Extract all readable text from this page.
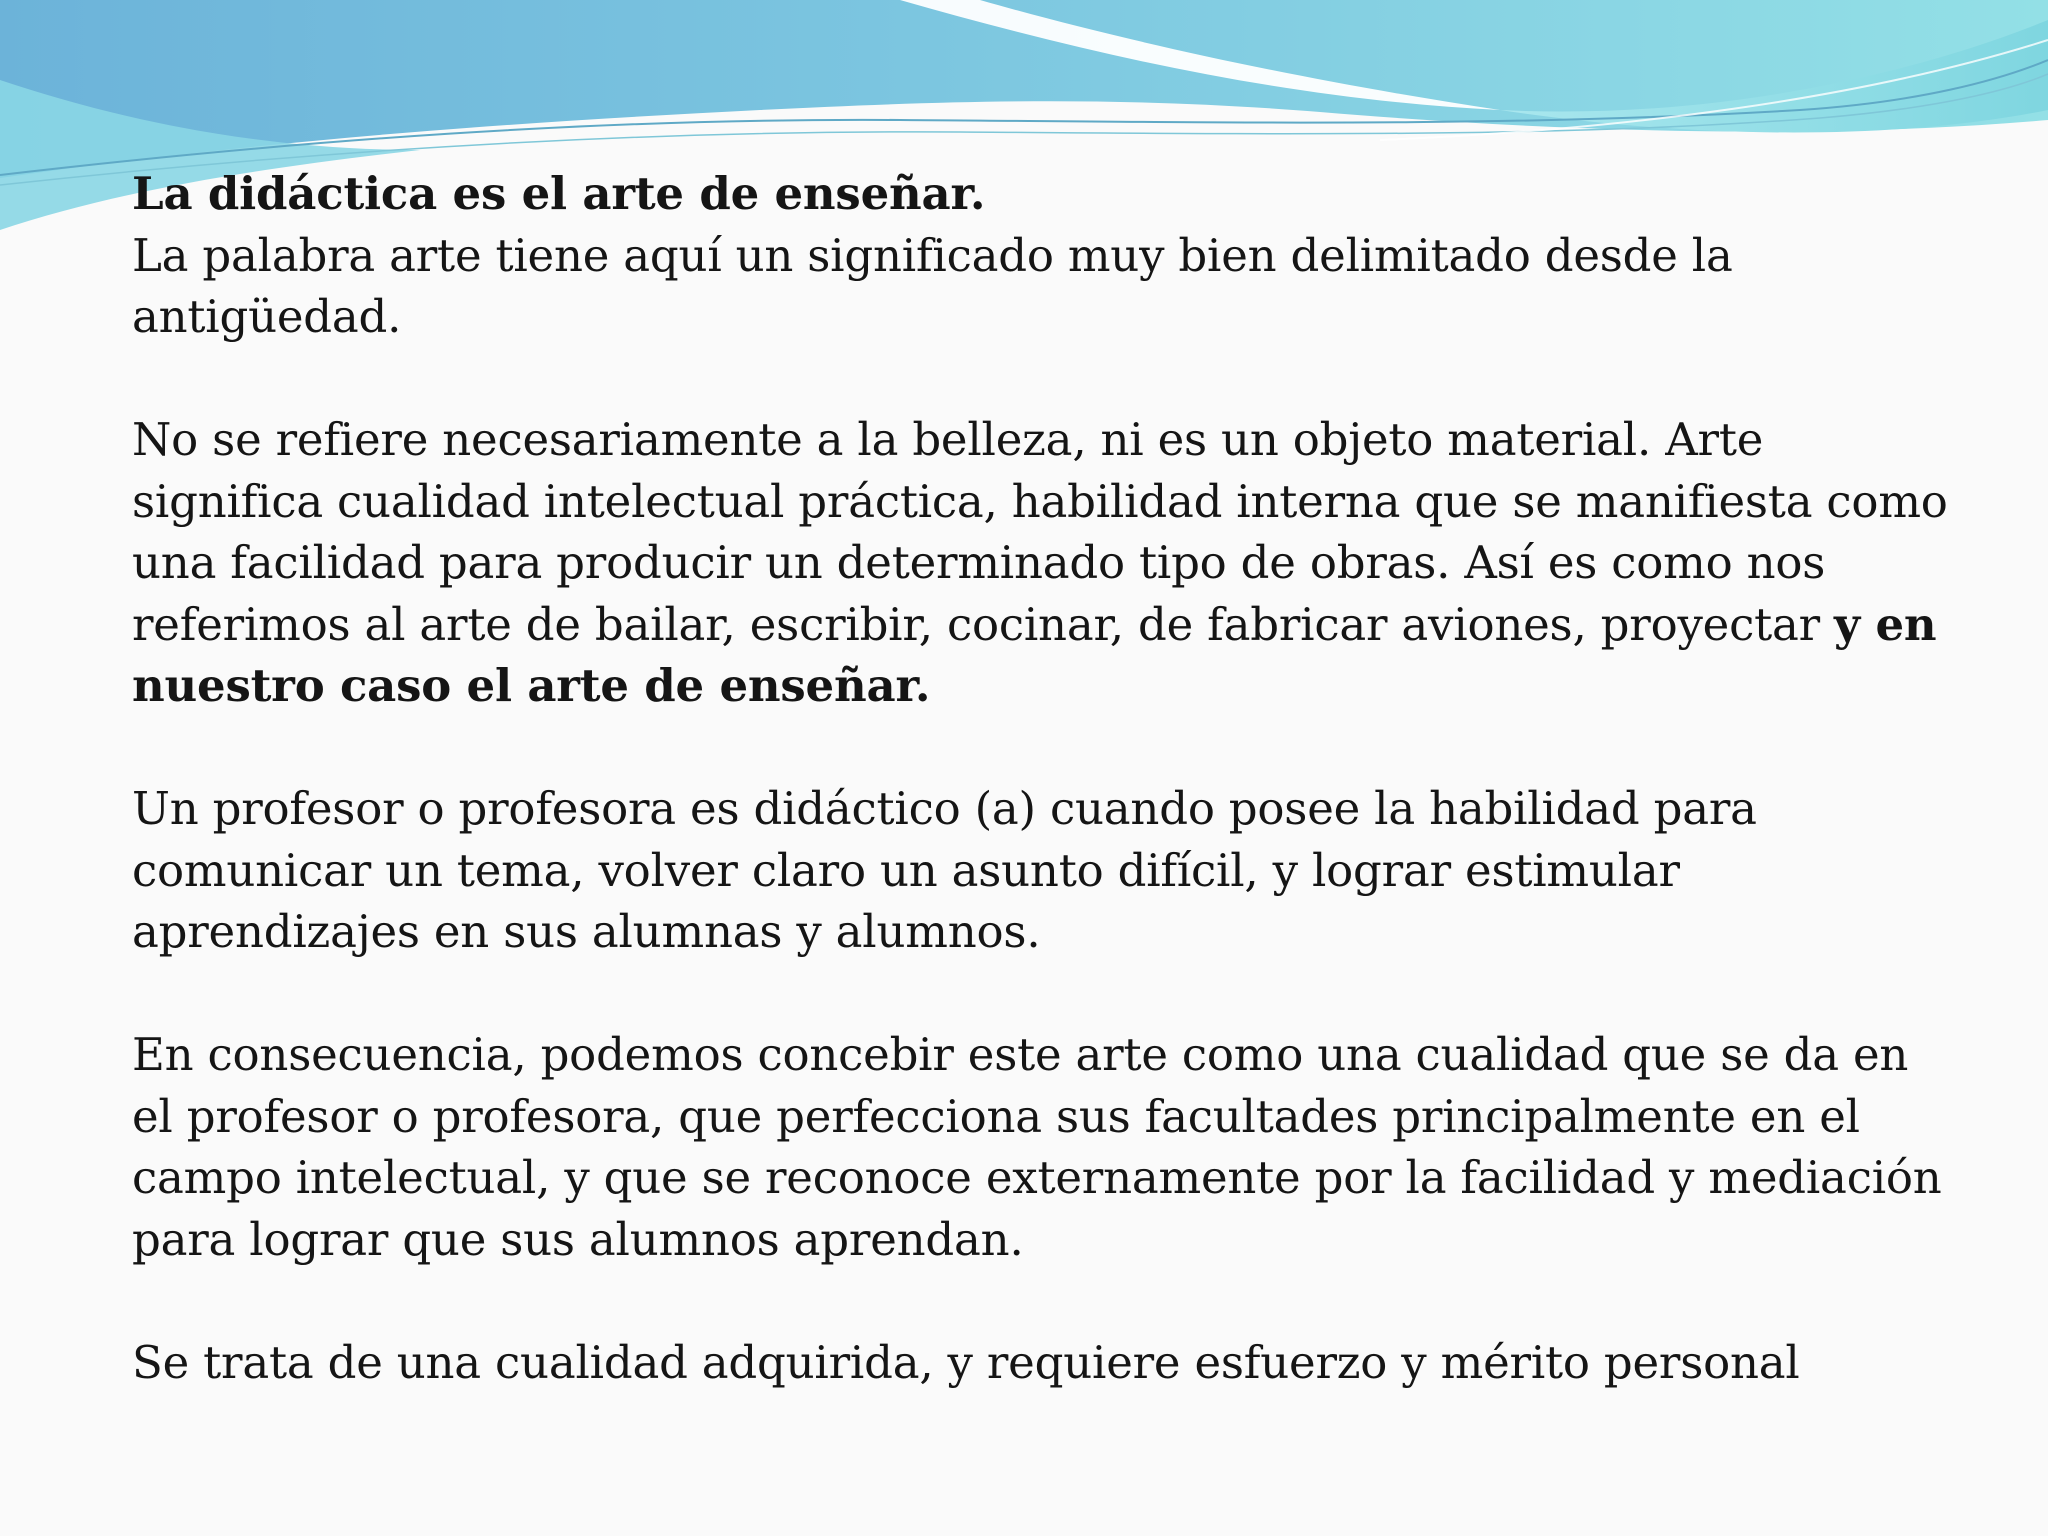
La didáctica es el arte de enseñar.

La palabra arte tiene aquí un significado muy bien delimitado desde la antigüedad.

No se refiere necesariamente a la belleza, ni es un objeto material. Arte significa cualidad intelectual práctica, habilidad interna que se manifiesta como una facilidad para producir un determinado tipo de obras. Así es como nos referimos al arte de bailar, escribir, cocinar, de fabricar aviones, proyectar y en nuestro caso el arte de enseñar.

Un profesor o profesora es didáctico (a) cuando posee la habilidad para comunicar un tema, volver claro un asunto difícil, y lograr estimular aprendizajes en sus alumnas y alumnos.

En consecuencia, podemos concebir este arte como una cualidad que se da en el profesor o profesora, que perfecciona sus facultades principalmente en el campo intelectual, y que se reconoce externamente por la facilidad y mediación para lograr que sus alumnos aprendan.

Se trata de una cualidad adquirida, y requiere esfuerzo y mérito personal
